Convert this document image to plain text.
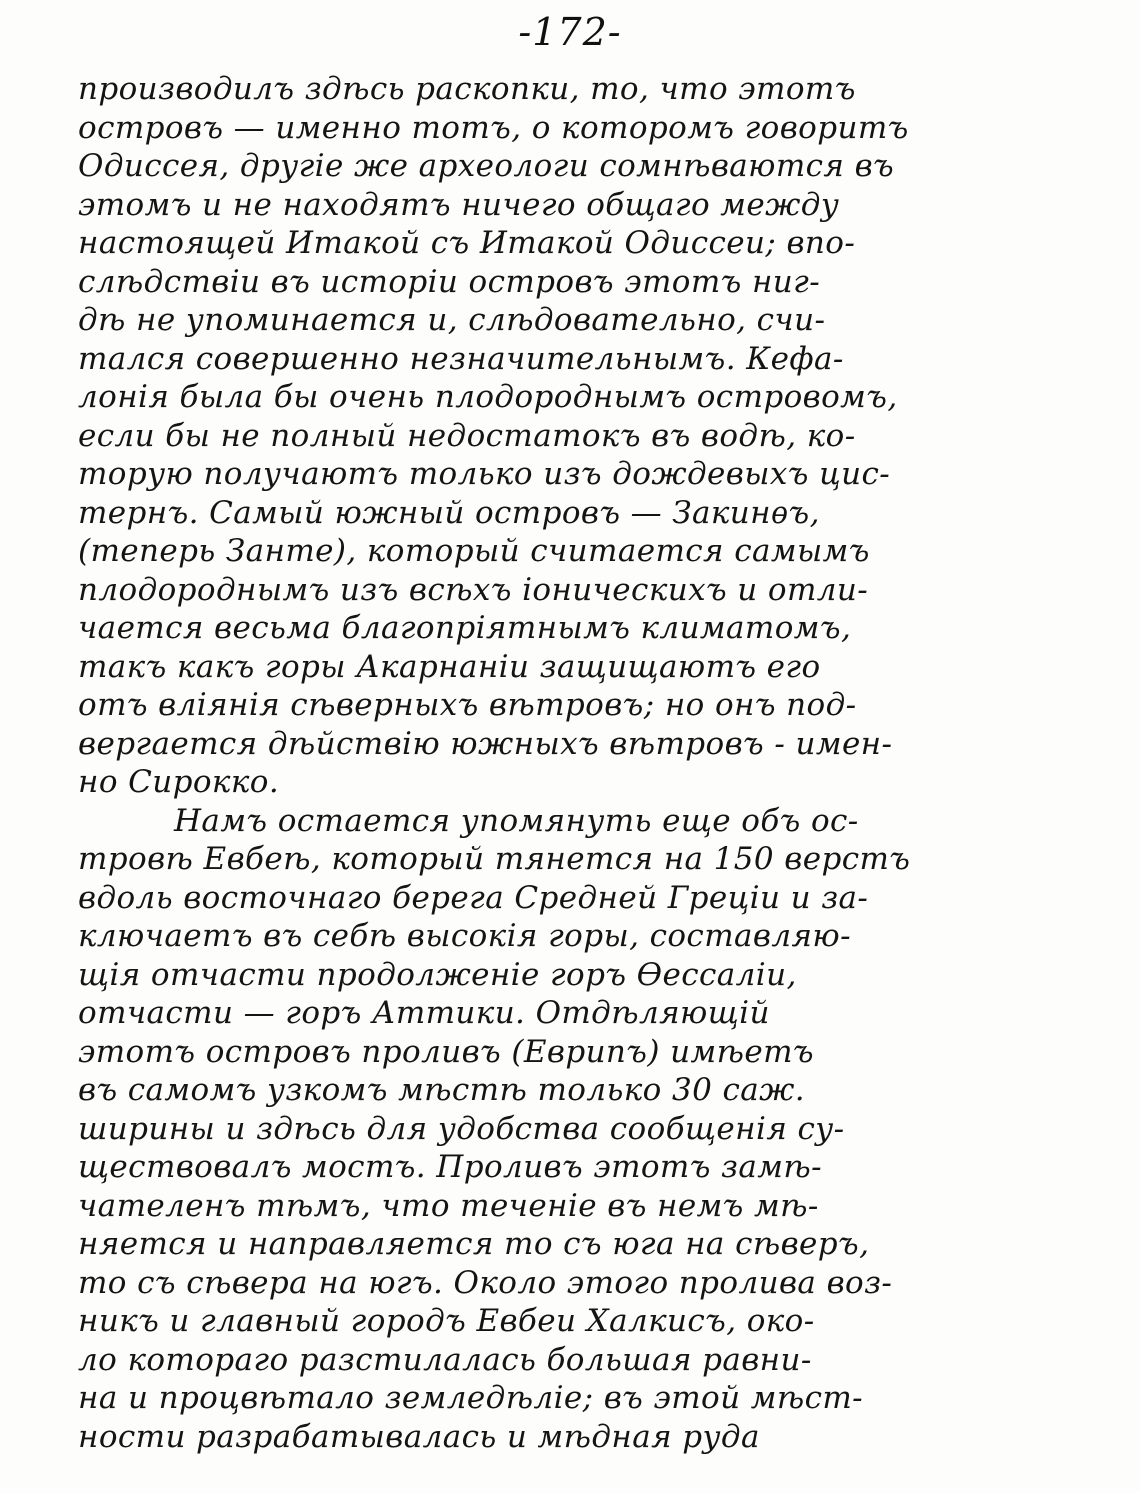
-172-
производилъ здѣсь раскопки, то, что этотъ
островъ — именно тотъ, о которомъ говоритъ
Одиссея, другіе же археологи сомнѣваются въ
этомъ и не находятъ ничего общаго между
настоящей Итакой съ Итакой Одиссеи; впо-
слѣдствіи въ исторіи островъ этотъ ниг-
дѣ не упоминается и, слѣдовательно, счи-
тался совершенно незначительнымъ. Кефа-
лонія была бы очень плодороднымъ островомъ,
если бы не полный недостатокъ въ водѣ, ко-
торую получаютъ только изъ дождевыхъ цис-
тернъ. Самый южный островъ — Закинѳъ,
(теперь Занте), который считается самымъ
плодороднымъ изъ всѣхъ іоническихъ и отли-
чается весьма благопріятнымъ климатомъ,
такъ какъ горы Акарнаніи защищаютъ его
отъ вліянія сѣверныхъ вѣтровъ; но онъ под-
вергается дѣйствію южныхъ вѣтровъ - имен-
но Сирокко.
Намъ остается упомянуть еще объ ос-
тровѣ Евбеѣ, который тянется на 150 верстъ
вдоль восточнаго берега Средней Греціи и за-
ключаетъ въ себѣ высокія горы, составляю-
щія отчасти продолженіе горъ Ѳессаліи,
отчасти — горъ Аттики. Отдѣляющій
этотъ островъ проливъ (Еврипъ) имѣетъ
въ самомъ узкомъ мѣстѣ только 30 саж.
ширины и здѣсь для удобства сообщенія су-
ществовалъ мостъ. Проливъ этотъ замѣ-
чателенъ тѣмъ, что теченіе въ немъ мѣ-
няется и направляется то съ юга на сѣверъ,
то съ сѣвера на югъ. Около этого пролива воз-
никъ и главный городъ Евбеи Халкисъ, око-
ло котораго разстилалась большая равни-
на и процвѣтало земледѣліе; въ этой мѣст-
ности разрабатывалась и мѣдная руда
